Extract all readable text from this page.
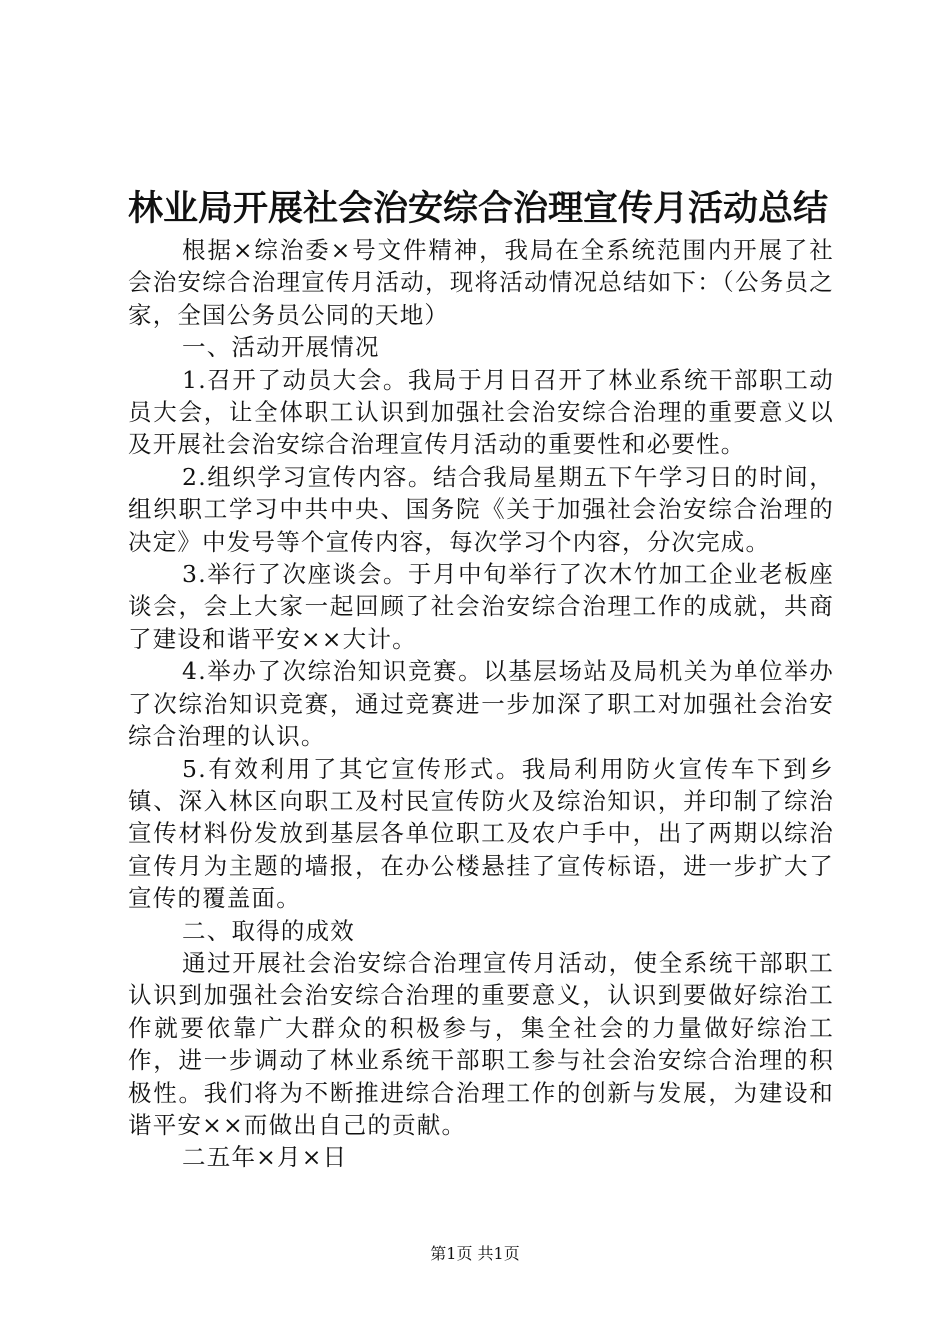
林业局开展社会治安综合治理宣传月活动总结

根据×综治委×号文件精神，我局在全系统范围内开展了社会治安综合治理宣传月活动，现将活动情况总结如下：（公务员之家，全国公务员公同的天地）

一、活动开展情况

1.召开了动员大会。我局于月日召开了林业系统干部职工动员大会，让全体职工认识到加强社会治安综合治理的重要意义以及开展社会治安综合治理宣传月活动的重要性和必要性。

2.组织学习宣传内容。结合我局星期五下午学习日的时间，组织职工学习中共中央、国务院《关于加强社会治安综合治理的决定》中发号等个宣传内容，每次学习个内容，分次完成。

3.举行了次座谈会。于月中旬举行了次木竹加工企业老板座谈会，会上大家一起回顾了社会治安综合治理工作的成就，共商了建设和谐平安××大计。

4.举办了次综治知识竞赛。以基层场站及局机关为单位举办了次综治知识竞赛，通过竞赛进一步加深了职工对加强社会治安综合治理的认识。

5.有效利用了其它宣传形式。我局利用防火宣传车下到乡镇、深入林区向职工及村民宣传防火及综治知识，并印制了综治宣传材料份发放到基层各单位职工及农户手中，出了两期以综治宣传月为主题的墙报，在办公楼悬挂了宣传标语，进一步扩大了宣传的覆盖面。

二、取得的成效

通过开展社会治安综合治理宣传月活动，使全系统干部职工认识到加强社会治安综合治理的重要意义，认识到要做好综治工作就要依靠广大群众的积极参与，集全社会的力量做好综治工作，进一步调动了林业系统干部职工参与社会治安综合治理的积极性。我们将为不断推进综合治理工作的创新与发展，为建设和谐平安××而做出自己的贡献。

二五年×月×日

第1页 共1页
